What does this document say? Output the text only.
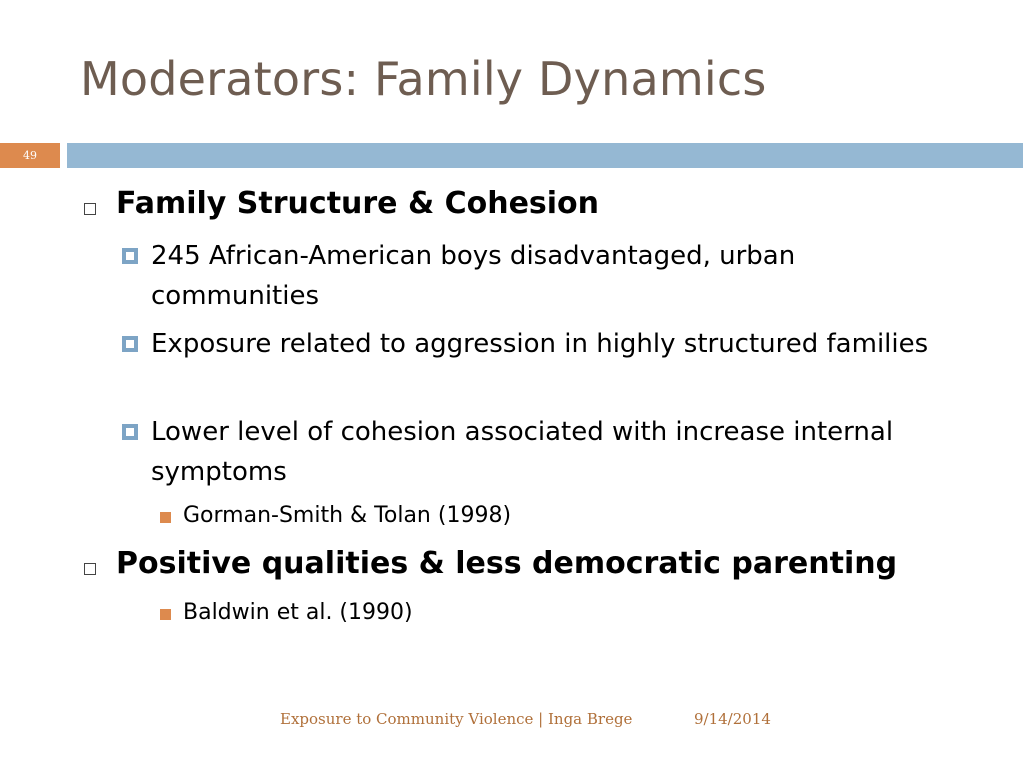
Moderators: Family Dynamics
49
Family Structure & Cohesion
245 African-American boys disadvantaged, urban communities
Exposure related to aggression in highly structured families
Lower level of cohesion associated with increase internal symptoms
Gorman-Smith & Tolan (1998)
Positive qualities & less democratic parenting
Baldwin et al. (1990)
Exposure to Community Violence | Inga Brege	9/14/2014
